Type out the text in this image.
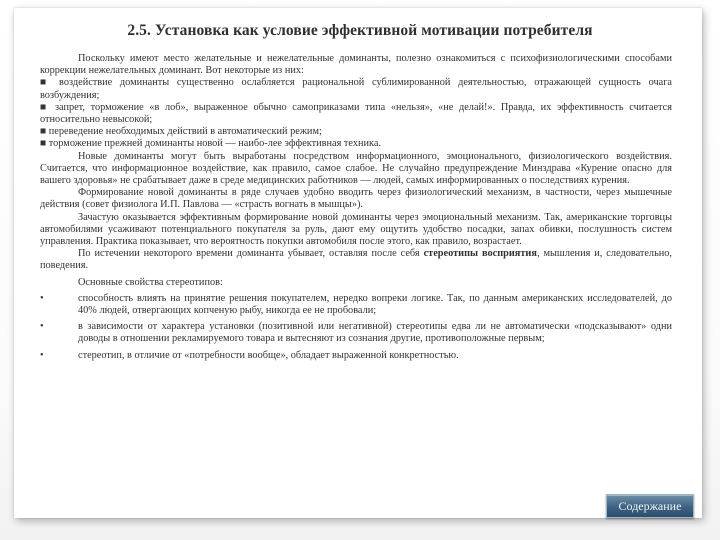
2.5. Установка как условие эффективной мотивации потребителя

Поскольку имеют место желательные и нежелательные доминанты, полезно ознакомиться с психофизиологическими способами коррекции нежелательных доминант. Вот некоторые из них:

■ воздействие доминанты существенно ослабляется рациональной сублимированной деятельностью, отражающей сущность очага возбуждения;

■ запрет, торможение «в лоб», выраженное обычно самоприказами типа «нельзя», «не делай!». Правда, их эффективность считается относительно невысокой;

■ переведение необходимых действий в автоматический режим;

■ торможение прежней доминанты новой — наибо-лее эффективная техника.

Новые доминанты могут быть выработаны посредством информационного, эмоционального, физиологического воздействия. Считается, что информационное воздействие, как правило, самое слабое. Не случайно предупреждение Минздрава «Курение опасно для вашего здоровья» не срабатывает даже в среде медицинских работников — людей, самых информированных о последствиях курения.

Формирование новой доминанты в ряде случаев удобно вводить через физиологический механизм, в частности, через мышечные действия (совет физиолога И.П. Павлова — «страсть вогнать в мышцы»).

Зачастую оказывается эффективным формирование новой доминанты через эмоциональный механизм. Так, американские торговцы автомобилями усаживают потенциального покупателя за руль, дают ему ощутить удобство посадки, запах обивки, послушность систем управления. Практика показывает, что вероятность покупки автомобиля после этого, как правило, возрастает.

По истечении некоторого времени доминанта убывает, оставляя после себя стереотипы восприятия, мышления и, следовательно, поведения.

Основные свойства стереотипов:

•	способность влиять на принятие решения покупателем, нередко вопреки логике. Так, по данным американских исследователей, до 40% людей, отвергающих копченую рыбу, никогда ее не пробовали;

•	в зависимости от характера установки (позитивной или негативной) стереотипы едва ли не автоматически «подсказывают» одни доводы в отношении рекламируемого товара и вытесняют из сознания другие, противоположные первым;

•	стереотип, в отличие от «потребности вообще», обладает выраженной конкретностью.

Содержание
